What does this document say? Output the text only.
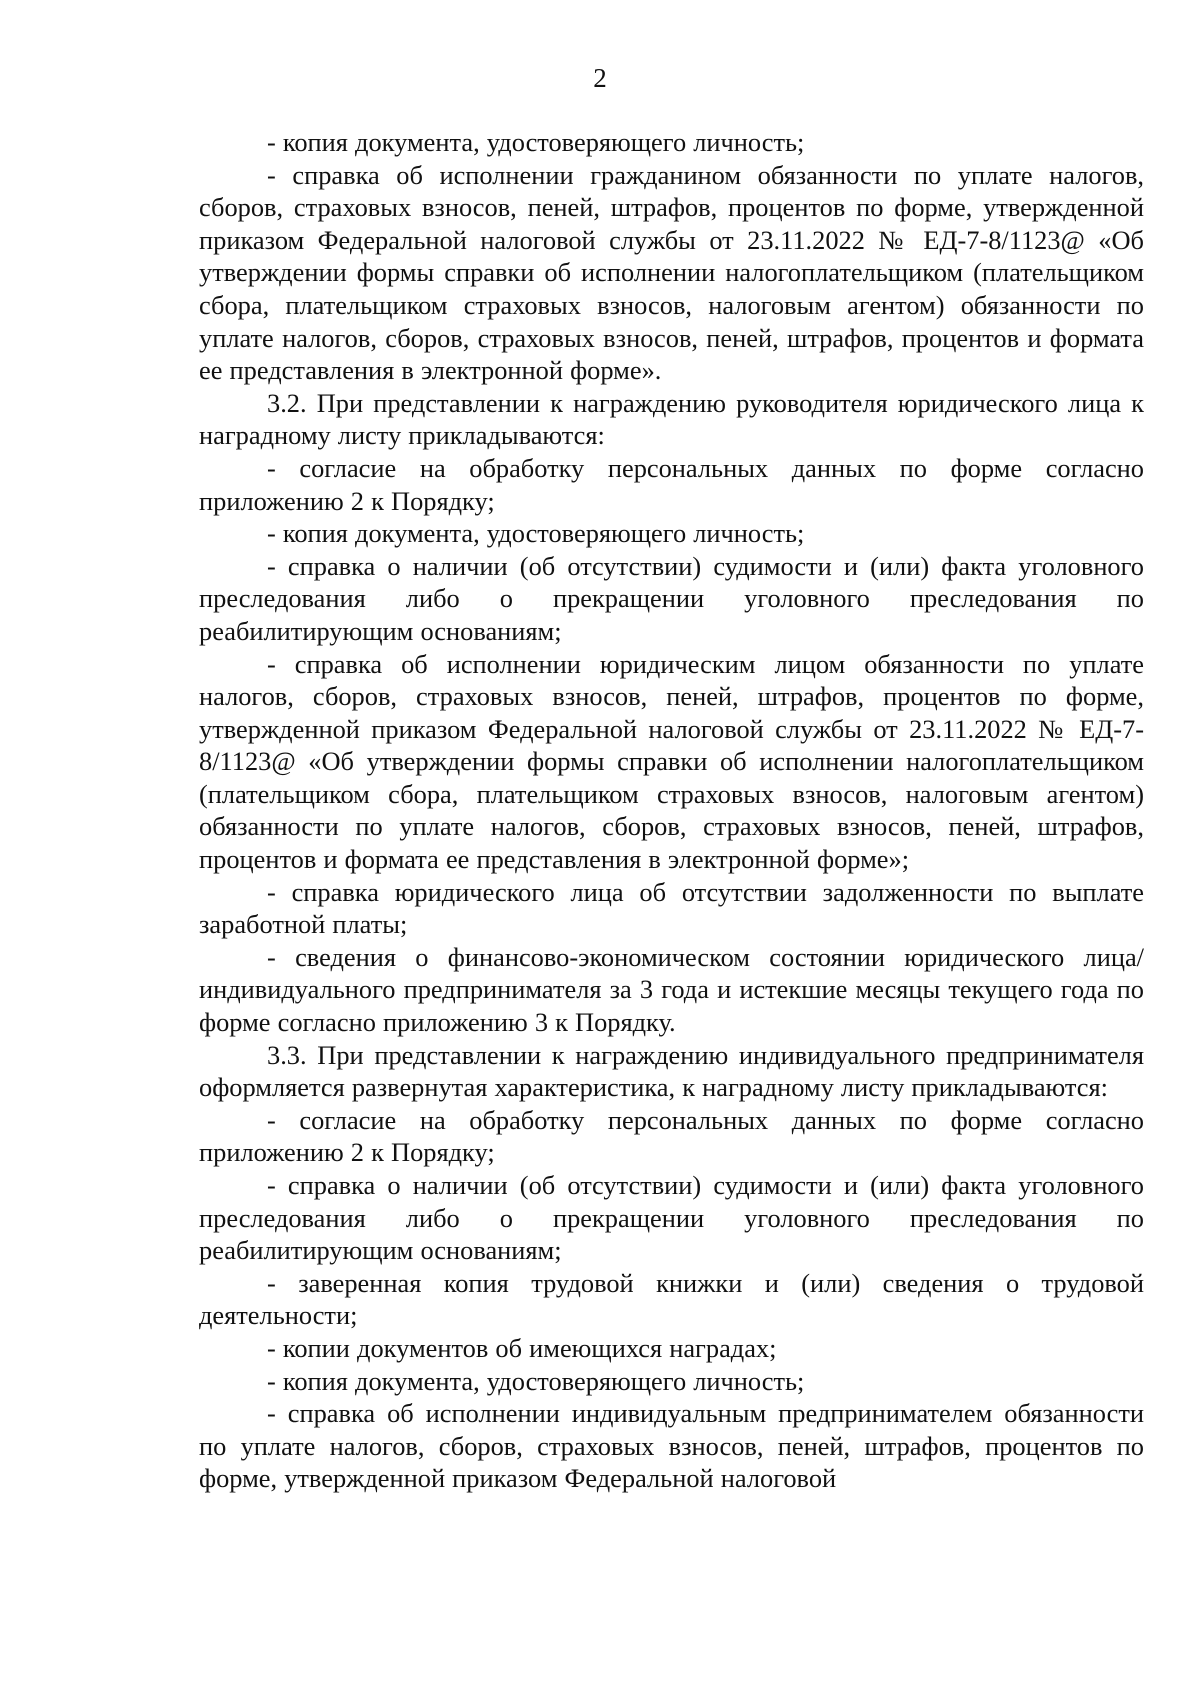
2

- копия документа, удостоверяющего личность;

- справка об исполнении гражданином обязанности по уплате налогов, сборов, страховых взносов, пеней, штрафов, процентов по форме, утвержденной приказом Федеральной налоговой службы от 23.11.2022 № ЕД-7-8/1123@ «Об утверждении формы справки об исполнении налогоплательщиком (плательщиком сбора, плательщиком страховых взносов, налоговым агентом) обязанности по уплате налогов, сборов, страховых взносов, пеней, штрафов, процентов и формата ее представления в электронной форме».

3.2. При представлении к награждению руководителя юридического лица к наградному листу прикладываются:

- согласие на обработку персональных данных по форме согласно приложению 2 к Порядку;

- копия документа, удостоверяющего личность;

- справка о наличии (об отсутствии) судимости и (или) факта уголовного преследования либо о прекращении уголовного преследования по реабилитирующим основаниям;

- справка об исполнении юридическим лицом обязанности по уплате налогов, сборов, страховых взносов, пеней, штрафов, процентов по форме, утвержденной приказом Федеральной налоговой службы от 23.11.2022 № ЕД-7-8/1123@ «Об утверждении формы справки об исполнении налогоплательщиком (плательщиком сбора, плательщиком страховых взносов, налоговым агентом) обязанности по уплате налогов, сборов, страховых взносов, пеней, штрафов, процентов и формата ее представления в электронной форме»;

- справка юридического лица об отсутствии задолженности по выплате заработной платы;

- сведения о финансово-экономическом состоянии юридического лица/ индивидуального предпринимателя за 3 года и истекшие месяцы текущего года по форме согласно приложению 3 к Порядку.

3.3. При представлении к награждению индивидуального предпринимателя оформляется развернутая характеристика, к наградному листу прикладываются:

- согласие на обработку персональных данных по форме согласно приложению 2 к Порядку;

- справка о наличии (об отсутствии) судимости и (или) факта уголовного преследования либо о прекращении уголовного преследования по реабилитирующим основаниям;

- заверенная копия трудовой книжки и (или) сведения о трудовой деятельности;

- копии документов об имеющихся наградах;

- копия документа, удостоверяющего личность;

- справка об исполнении индивидуальным предпринимателем обязанности по уплате налогов, сборов, страховых взносов, пеней, штрафов, процентов по форме, утвержденной приказом Федеральной налоговой
